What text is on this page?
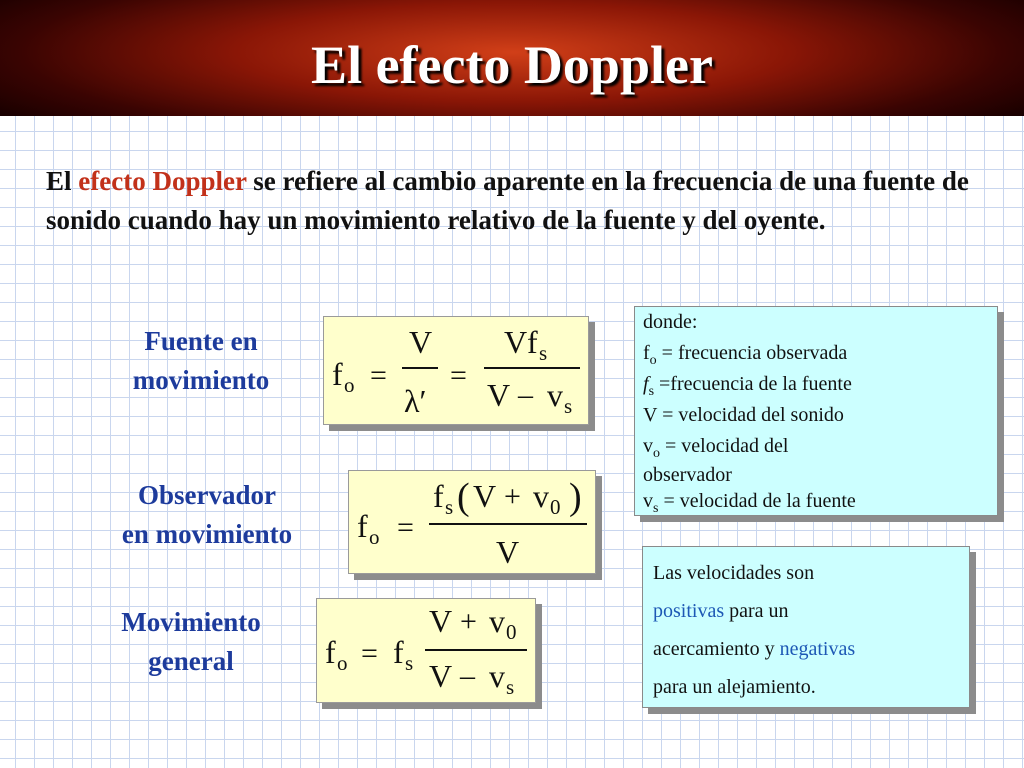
El efecto Doppler
El efecto Doppler se refiere al cambio aparente en la frecuencia de una fuente de sonido cuando hay un movimiento relativo de la fuente y del oyente.
Fuente en
movimiento
Observador
en movimiento
Movimiento
general
f o =
V
λ′
=
V f s
V – v s
f o =
f s ( V + v 0 )
V
f o = f s
V + v 0
V – v s
donde:
$f_o$ = frecuencia observada
$f_s$ =frecuencia de la fuente
V = velocidad del sonido
$v_o$ = velocidad del
observador
$v_s$ = velocidad de la fuente
Las velocidades son
positivas para un
acercamiento y negativas
para un alejamiento.
